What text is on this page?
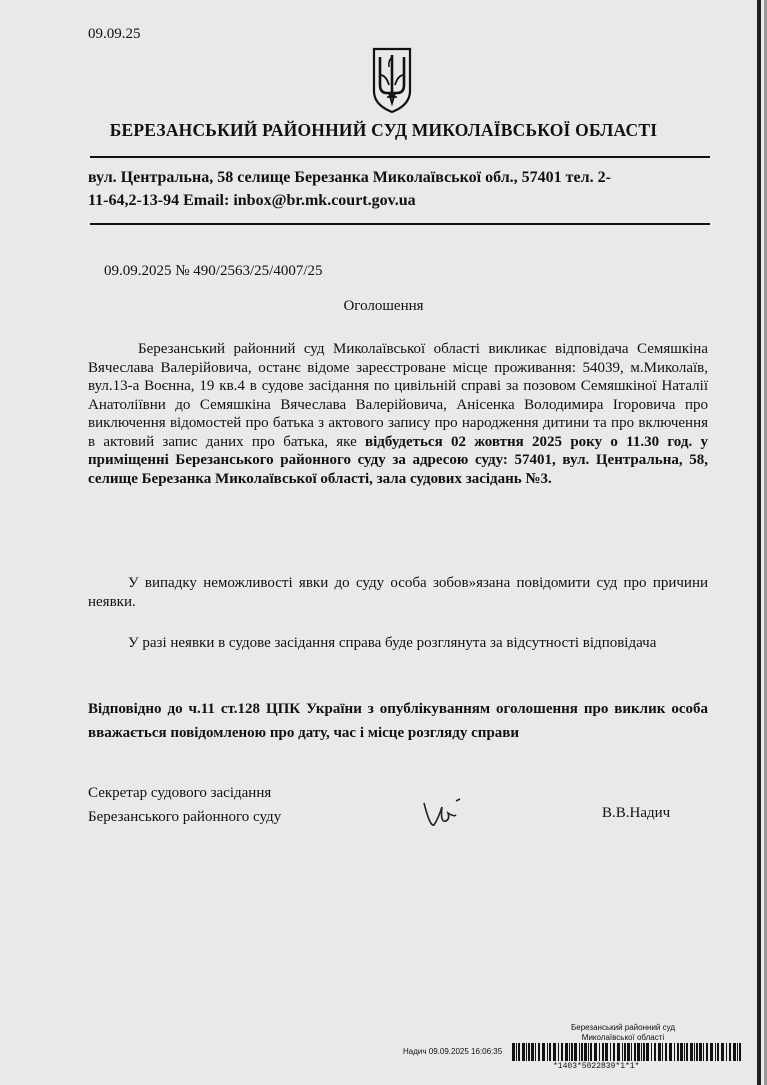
09.09.25
БЕРЕЗАНСЬКИЙ РАЙОННИЙ СУД МИКОЛАЇВСЬКОЇ ОБЛАСТІ
вул. Центральна, 58 селище Березанка Миколаївської обл., 57401 тел. 2-
11-64,2-13-94 Email: inbox@br.mk.court.gov.ua
09.09.2025 № 490/2563/25/4007/25
Оголошення
Березанський районний суд Миколаївської області викликає відповідача Семяшкіна Вячеслава Валерійовича, останє відоме зареєстроване місце проживання: 54039, м.Миколаїв, вул.13-а Воєнна, 19 кв.4 в судове засідання по цивільній справі за позовом Семяшкіної Наталії Анатоліївни до Семяшкіна Вячеслава Валерійовича, Анісенка Володимира Ігоровича про виключення відомостей про батька з актового запису про народження дитини та про включення в актовий запис даних про батька, яке відбудеться 02 жовтня 2025 року о 11.30 год. у приміщенні Березанського районного суду за адресою суду: 57401, вул. Центральна, 58, селище Березанка Миколаївської області, зала судових засідань №3.
У випадку неможливості явки до суду особа зобов»язана повідомити суд про причини неявки.
У разі неявки в судове засідання справа буде розглянута за відсутності відповідача
Відповідно до ч.11 ст.128 ЦПК України з опублікуванням оголошення про виклик особа вважається повідомленою про дату, час і місце розгляду справи
Секретар судового засідання
Березанського районного суду	В.В.Надич
Березанський районний суд
Миколаївської області
Надич 09.09.2025 16:06:35
*1403*5022839*1*1*
